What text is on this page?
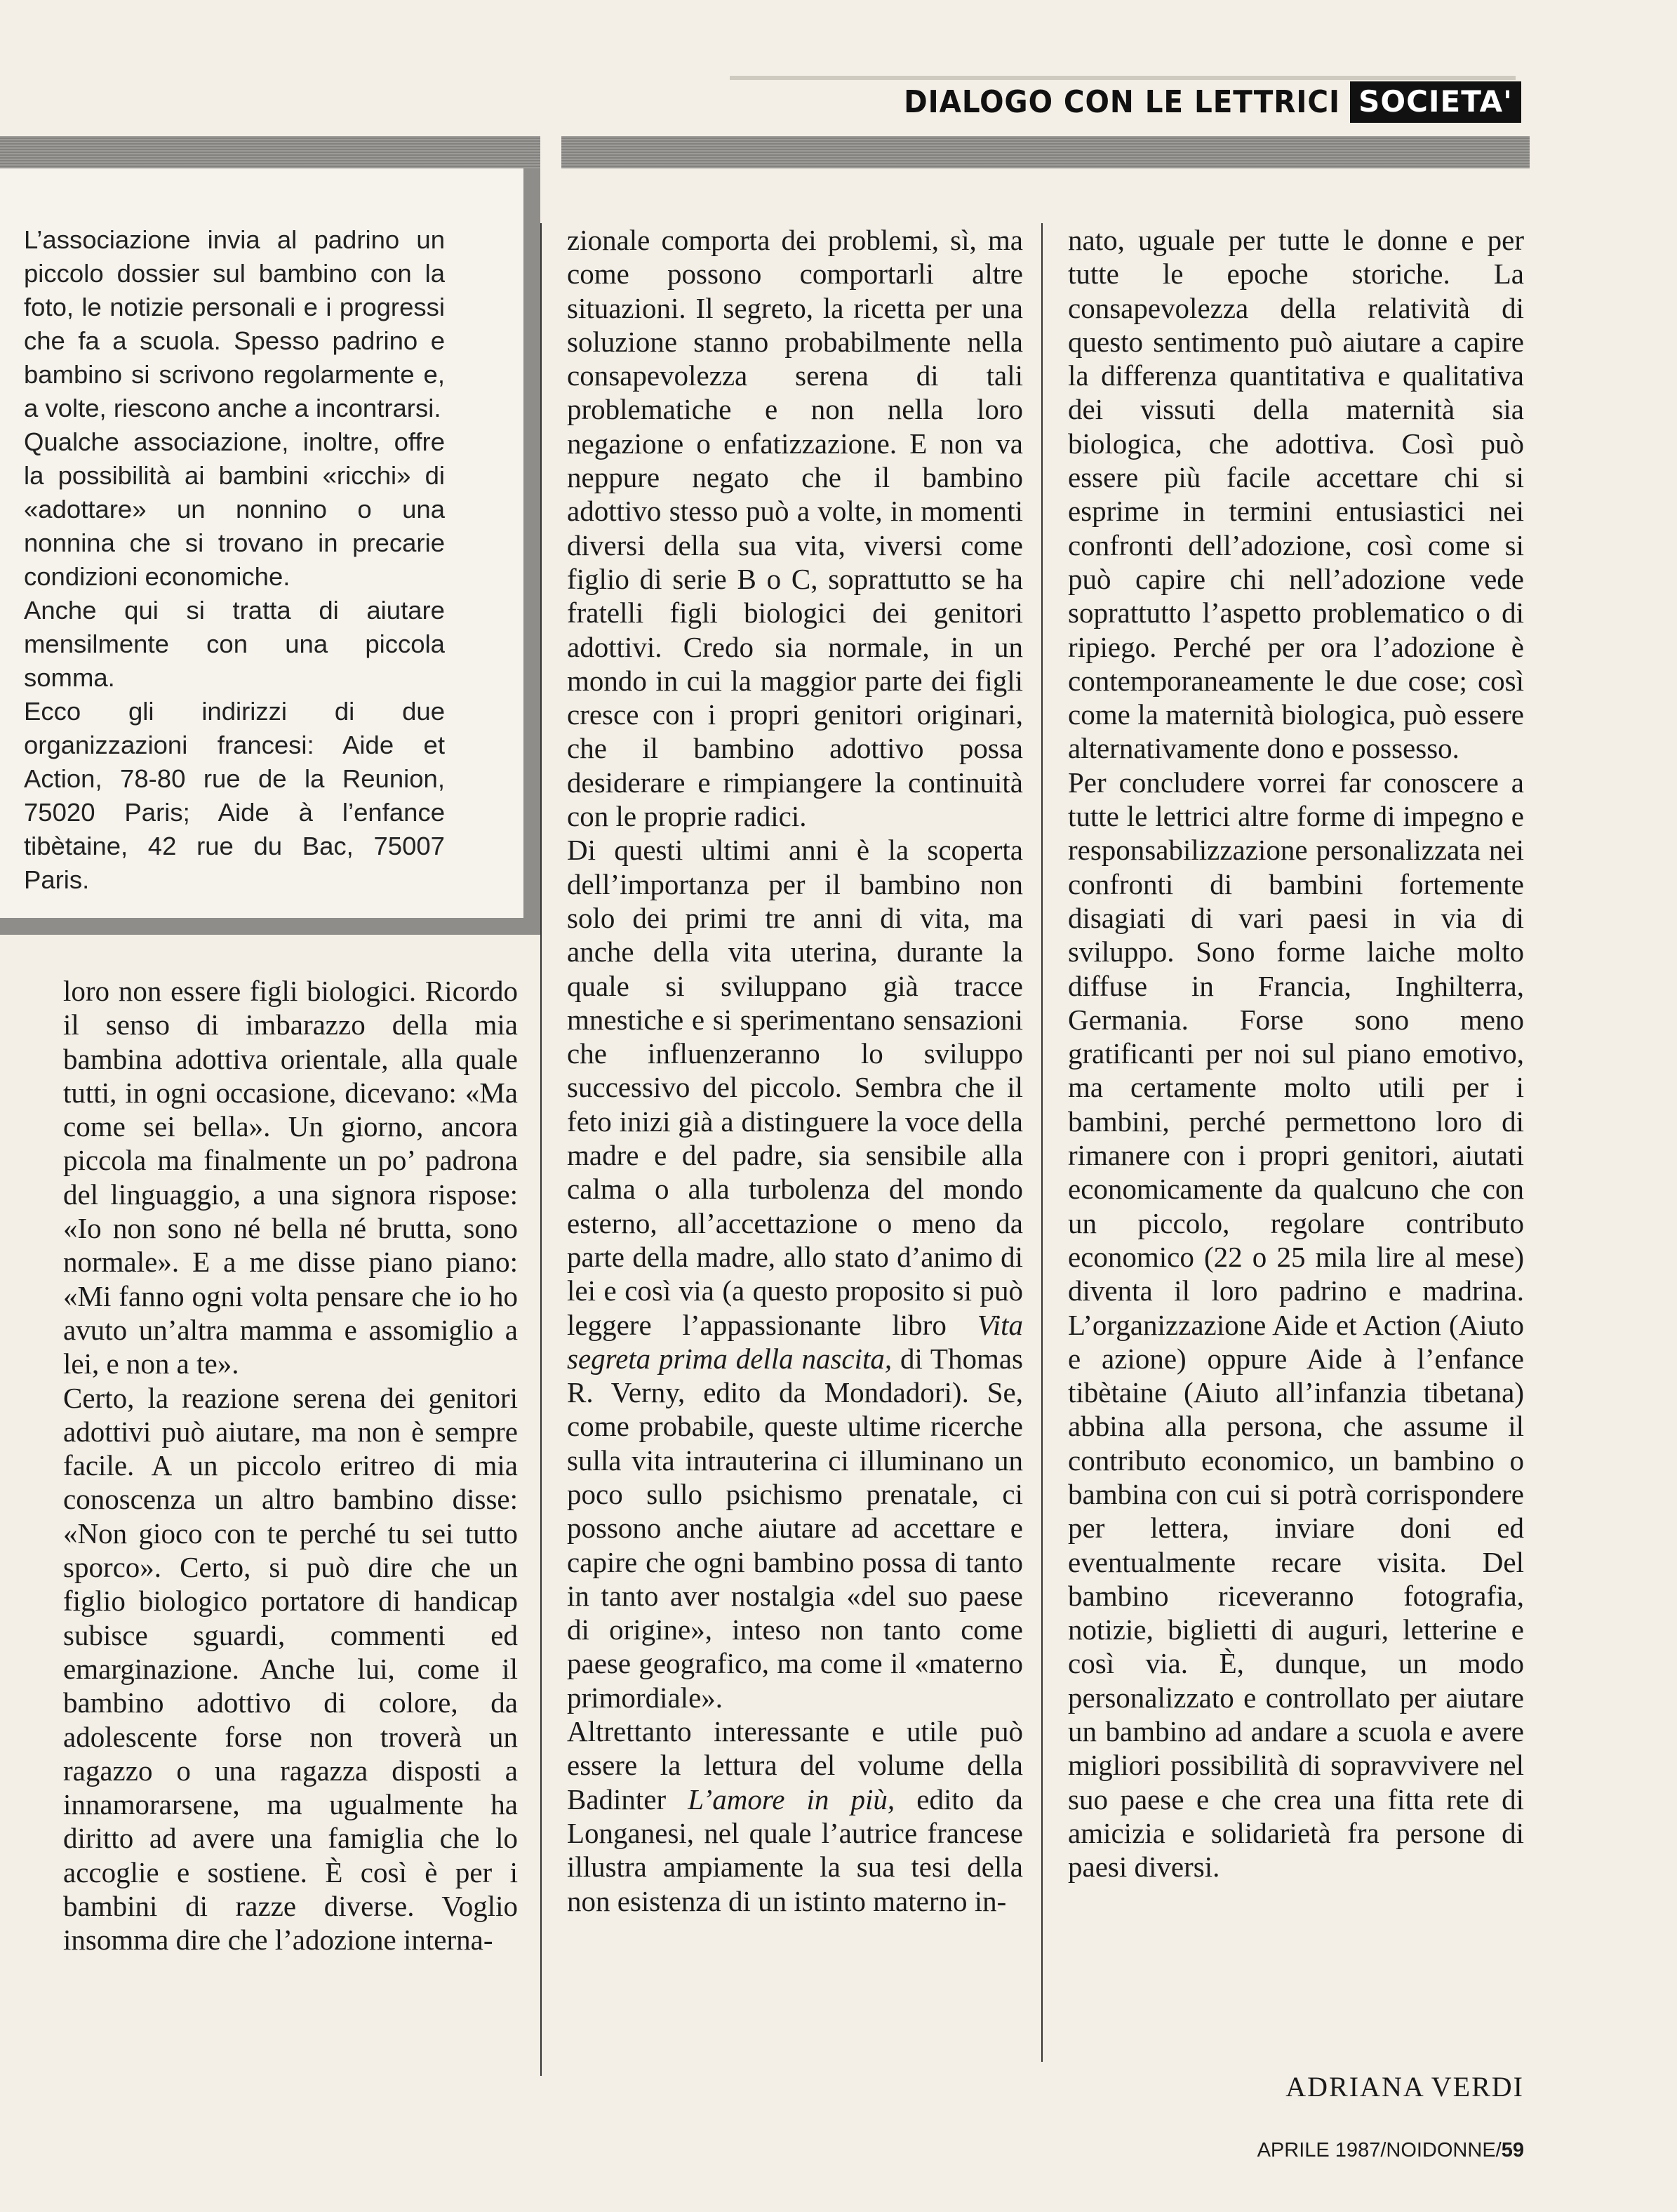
DIALOGO CON LE LETTRICI SOCIETA'

L’associazione invia al padrino un piccolo dossier sul bambino con la foto, le notizie personali e i progressi che fa a scuola. Spesso padrino e bambino si scrivono regolarmente e, a volte, riescono anche a incontrarsi.

Qualche associazione, inoltre, offre la possibilità ai bambini «ricchi» di «adottare» un nonnino o una nonnina che si trovano in precarie condizioni economiche.

Anche qui si tratta di aiutare mensilmente con una piccola somma.

Ecco gli indirizzi di due organizzazioni francesi: Aide et Action, 78-80 rue de la Reunion, 75020 Paris; Aide à l’enfance tibètaine, 42 rue du Bac, 75007 Paris.

loro non essere figli biologici. Ricordo il senso di imbarazzo della mia bambina adottiva orientale, alla quale tutti, in ogni occasione, dicevano: «Ma come sei bella». Un giorno, ancora piccola ma finalmente un po’ padrona del linguaggio, a una signora rispose: «Io non sono né bella né brutta, sono normale». E a me disse piano piano: «Mi fanno ogni volta pensare che io ho avuto un’altra mamma e assomiglio a lei, e non a te».

Certo, la reazione serena dei genitori adottivi può aiutare, ma non è sempre facile. A un piccolo eritreo di mia conoscenza un altro bambino disse: «Non gioco con te perché tu sei tutto sporco». Certo, si può dire che un figlio biologico portatore di handicap subisce sguardi, commenti ed emarginazione. Anche lui, come il bambino adottivo di colore, da adolescente forse non troverà un ragazzo o una ragazza disposti a innamorarsene, ma ugualmente ha diritto ad avere una famiglia che lo accoglie e sostiene. È così è per i bambini di razze diverse. Voglio insomma dire che l’adozione interna-

zionale comporta dei problemi, sì, ma come possono comportarli altre situazioni. Il segreto, la ricetta per una soluzione stanno probabilmente nella consapevolezza serena di tali problematiche e non nella loro negazione o enfatizzazione. E non va neppure negato che il bambino adottivo stesso può a volte, in momenti diversi della sua vita, viversi come figlio di serie B o C, soprattutto se ha fratelli figli biologici dei genitori adottivi. Credo sia normale, in un mondo in cui la maggior parte dei figli cresce con i propri genitori originari, che il bambino adottivo possa desiderare e rimpiangere la continuità con le proprie radici.

Di questi ultimi anni è la scoperta dell’importanza per il bambino non solo dei primi tre anni di vita, ma anche della vita uterina, durante la quale si sviluppano già tracce mnestiche e si sperimentano sensazioni che influenzeranno lo sviluppo successivo del piccolo. Sembra che il feto inizi già a distinguere la voce della madre e del padre, sia sensibile alla calma o alla turbolenza del mondo esterno, all’accettazione o meno da parte della madre, allo stato d’animo di lei e così via (a questo proposito si può leggere l’appassionante libro Vita segreta prima della nascita, di Thomas R. Verny, edito da Mondadori). Se, come probabile, queste ultime ricerche sulla vita intrauterina ci illuminano un poco sullo psichismo prenatale, ci possono anche aiutare ad accettare e capire che ogni bambino possa di tanto in tanto aver nostalgia «del suo paese di origine», inteso non tanto come paese geografico, ma come il «materno primordiale».

Altrettanto interessante e utile può essere la lettura del volume della Badinter L’amore in più, edito da Longanesi, nel quale l’autrice francese illustra ampiamente la sua tesi della non esistenza di un istinto materno in-

nato, uguale per tutte le donne e per tutte le epoche storiche. La consapevolezza della relatività di questo sentimento può aiutare a capire la differenza quantitativa e qualitativa dei vissuti della maternità sia biologica, che adottiva. Così può essere più facile accettare chi si esprime in termini entusiastici nei confronti dell’adozione, così come si può capire chi nell’adozione vede soprattutto l’aspetto problematico o di ripiego. Perché per ora l’adozione è contemporaneamente le due cose; così come la maternità biologica, può essere alternativamente dono e possesso.

Per concludere vorrei far conoscere a tutte le lettrici altre forme di impegno e responsabilizzazione personalizzata nei confronti di bambini fortemente disagiati di vari paesi in via di sviluppo. Sono forme laiche molto diffuse in Francia, Inghilterra, Germania. Forse sono meno gratificanti per noi sul piano emotivo, ma certamente molto utili per i bambini, perché permettono loro di rimanere con i propri genitori, aiutati economicamente da qualcuno che con un piccolo, regolare contributo economico (22 o 25 mila lire al mese) diventa il loro padrino e madrina. L’organizzazione Aide et Action (Aiuto e azione) oppure Aide à l’enfance tibètaine (Aiuto all’infanzia tibetana) abbina alla persona, che assume il contributo economico, un bambino o bambina con cui si potrà corrispondere per lettera, inviare doni ed eventualmente recare visita. Del bambino riceveranno fotografia, notizie, biglietti di auguri, letterine e così via. È, dunque, un modo personalizzato e controllato per aiutare un bambino ad andare a scuola e avere migliori possibilità di sopravvivere nel suo paese e che crea una fitta rete di amicizia e solidarietà fra persone di paesi diversi.

ADRIANA VERDI
APRILE 1987/NOIDONNE/59
